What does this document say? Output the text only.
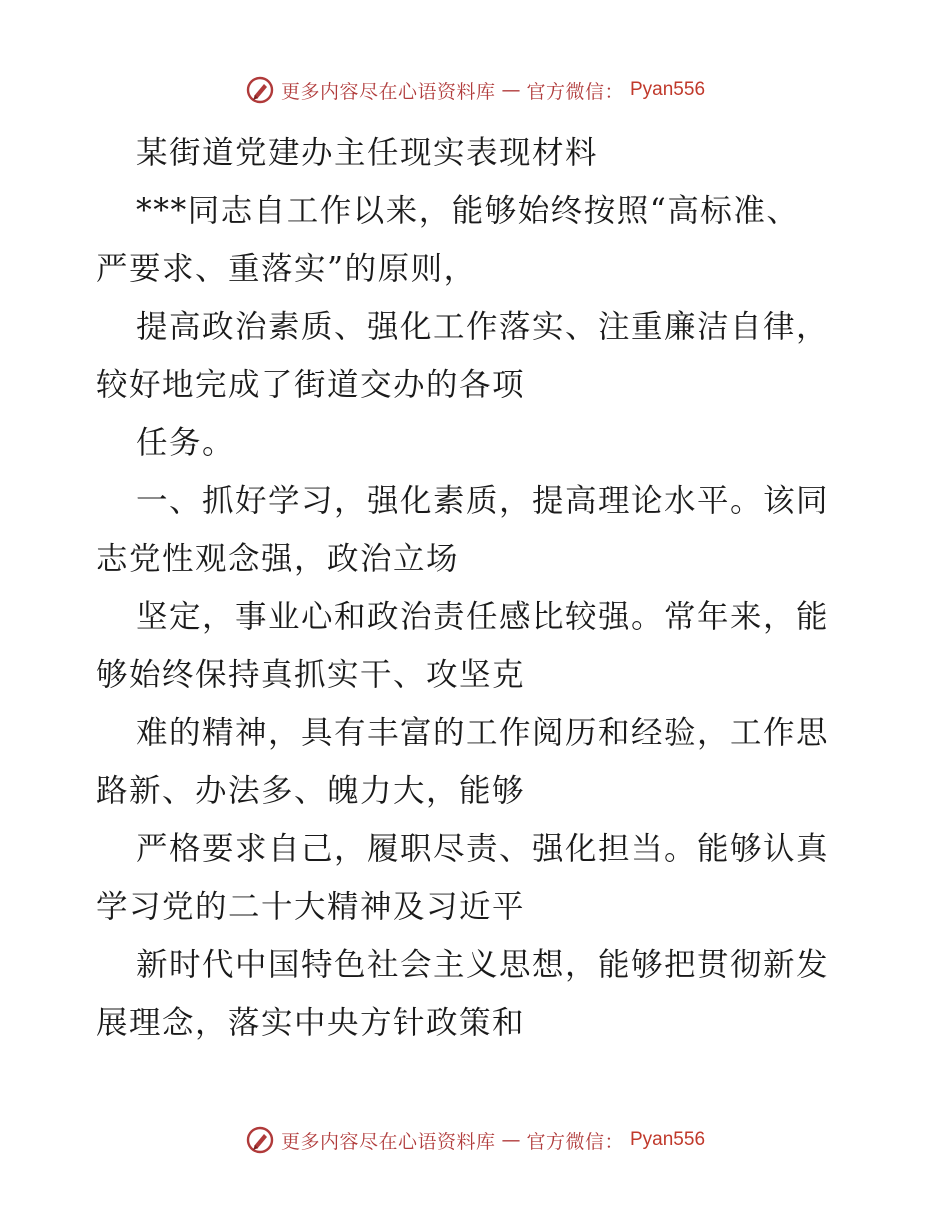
更多内容尽在心语资料库 — 官方微信： Pyan556
某街道党建办主任现实表现材料
***同志自工作以来，能够始终按照“高标准、
严要求、重落实”的原则，
提高政治素质、强化工作落实、注重廉洁自律，
较好地完成了街道交办的各项
任务。
一、抓好学习，强化素质，提高理论水平。该同
志党性观念强，政治立场
坚定，事业心和政治责任感比较强。常年来，能
够始终保持真抓实干、攻坚克
难的精神，具有丰富的工作阅历和经验，工作思
路新、办法多、魄力大，能够
严格要求自己，履职尽责、强化担当。能够认真
学习党的二十大精神及习近平
新时代中国特色社会主义思想，能够把贯彻新发
展理念，落实中央方针政策和
更多内容尽在心语资料库 — 官方微信： Pyan556
